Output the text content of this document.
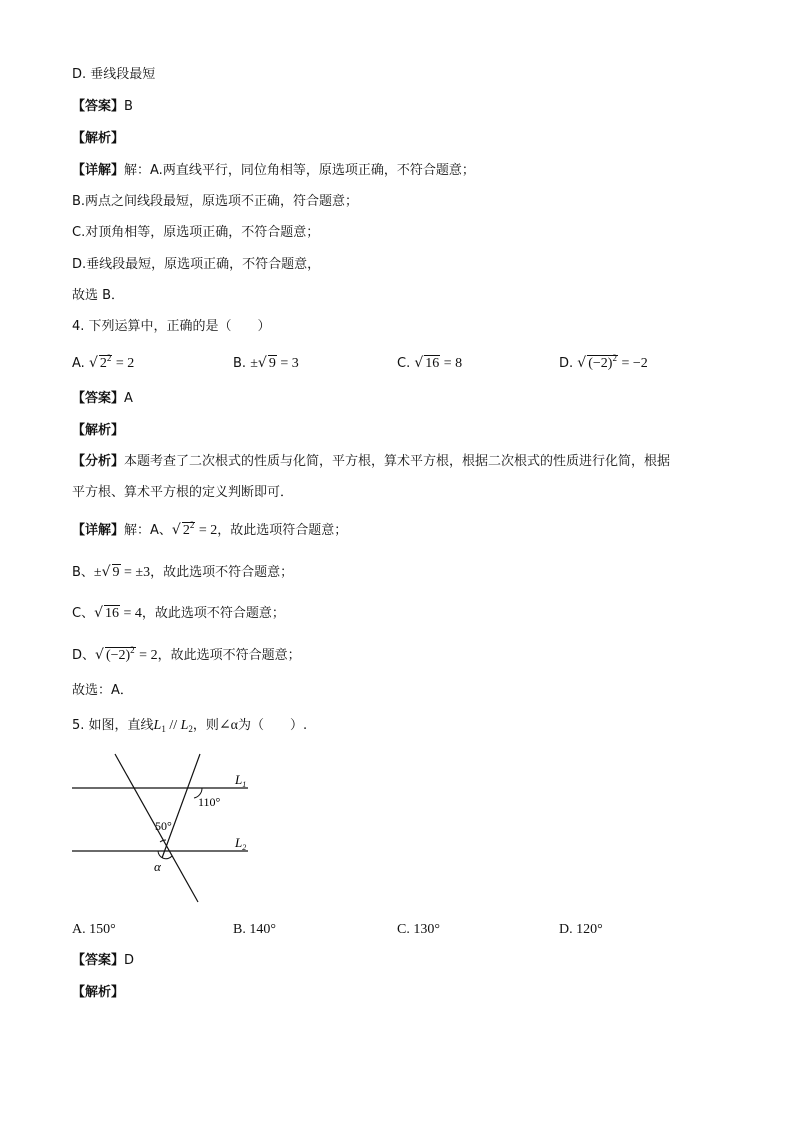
D. 垂线段最短
【答案】B
【解析】
【详解】解：A.两直线平行，同位角相等，原选项正确，不符合题意；
B.两点之间线段最短，原选项不正确，符合题意；
C.对顶角相等，原选项正确，不符合题意；
D.垂线段最短，原选项正确，不符合题意，
故选 B．
4. 下列运算中，正确的是（　　）
A. √ $2^2 = 2$	B. ±√ 9 = 3	C. √ 16 = 8	D. √ $(-2)^2 = -2$
【答案】A
【解析】
【分析】本题考查了二次根式的性质与化简，平方根，算术平方根，根据二次根式的性质进行化简，根据
平方根、算术平方根的定义判断即可．
【详解】解：A、√ $2^2 = 2$，故此选项符合题意；
B、±√ 9 = ±3，故此选项不符合题意；
C、√ 16 = 4，故此选项不符合题意；
D、√ $(-2)^2 = 2$，故此选项不符合题意；
故选：A．
5. 如图，直线$L_1 // L_2$，则∠α为（　　）.
$L_1$
$L_2$
110°
50°
α
A. 150°	B. 140°	C. 130°	D. 120°
【答案】D
【解析】
